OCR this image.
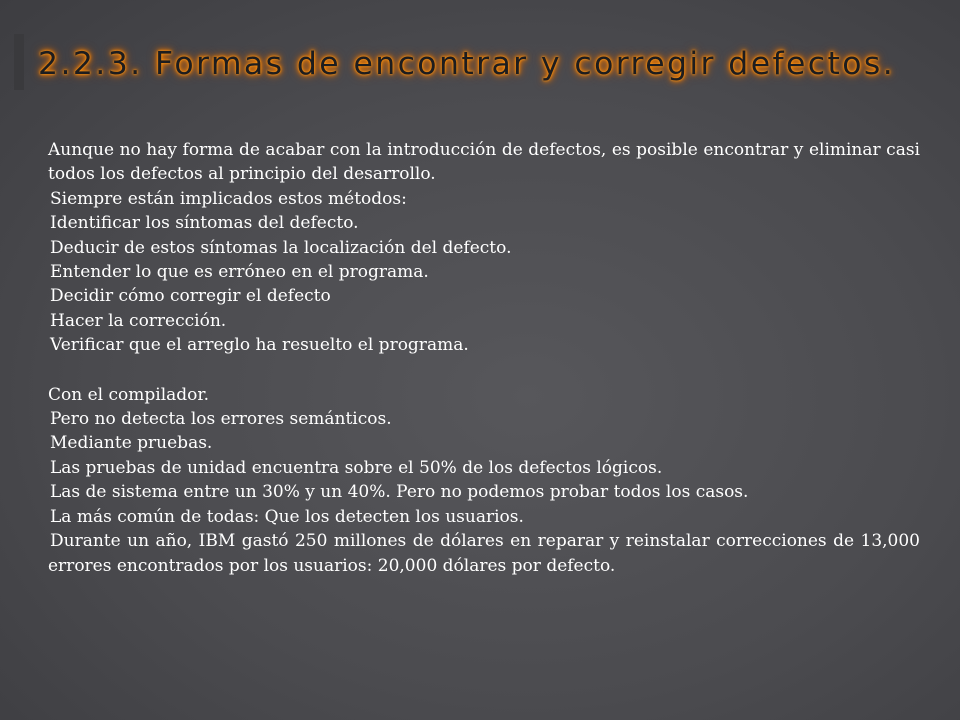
2.2.3. Formas de encontrar y corregir defectos.
Aunque no hay forma de acabar con la introducción de defectos, es posible encontrar y eliminar casi todos los defectos al principio del desarrollo.
Siempre están implicados estos métodos:
Identificar los síntomas del defecto.
Deducir de estos síntomas la localización del defecto.
Entender lo que es erróneo en el programa.
Decidir cómo corregir el defecto
Hacer la corrección.
Verificar que el arreglo ha resuelto el programa.
Con el compilador.
Pero no detecta los errores semánticos.
Mediante pruebas.
Las pruebas de unidad encuentra sobre el 50% de los defectos lógicos.
Las de sistema entre un 30% y un 40%. Pero no podemos probar todos los casos.
La más común de todas: Que los detecten los usuarios.
Durante un año, IBM gastó 250 millones de dólares en reparar y reinstalar correcciones de 13,000 errores encontrados por los usuarios: 20,000 dólares por defecto.
